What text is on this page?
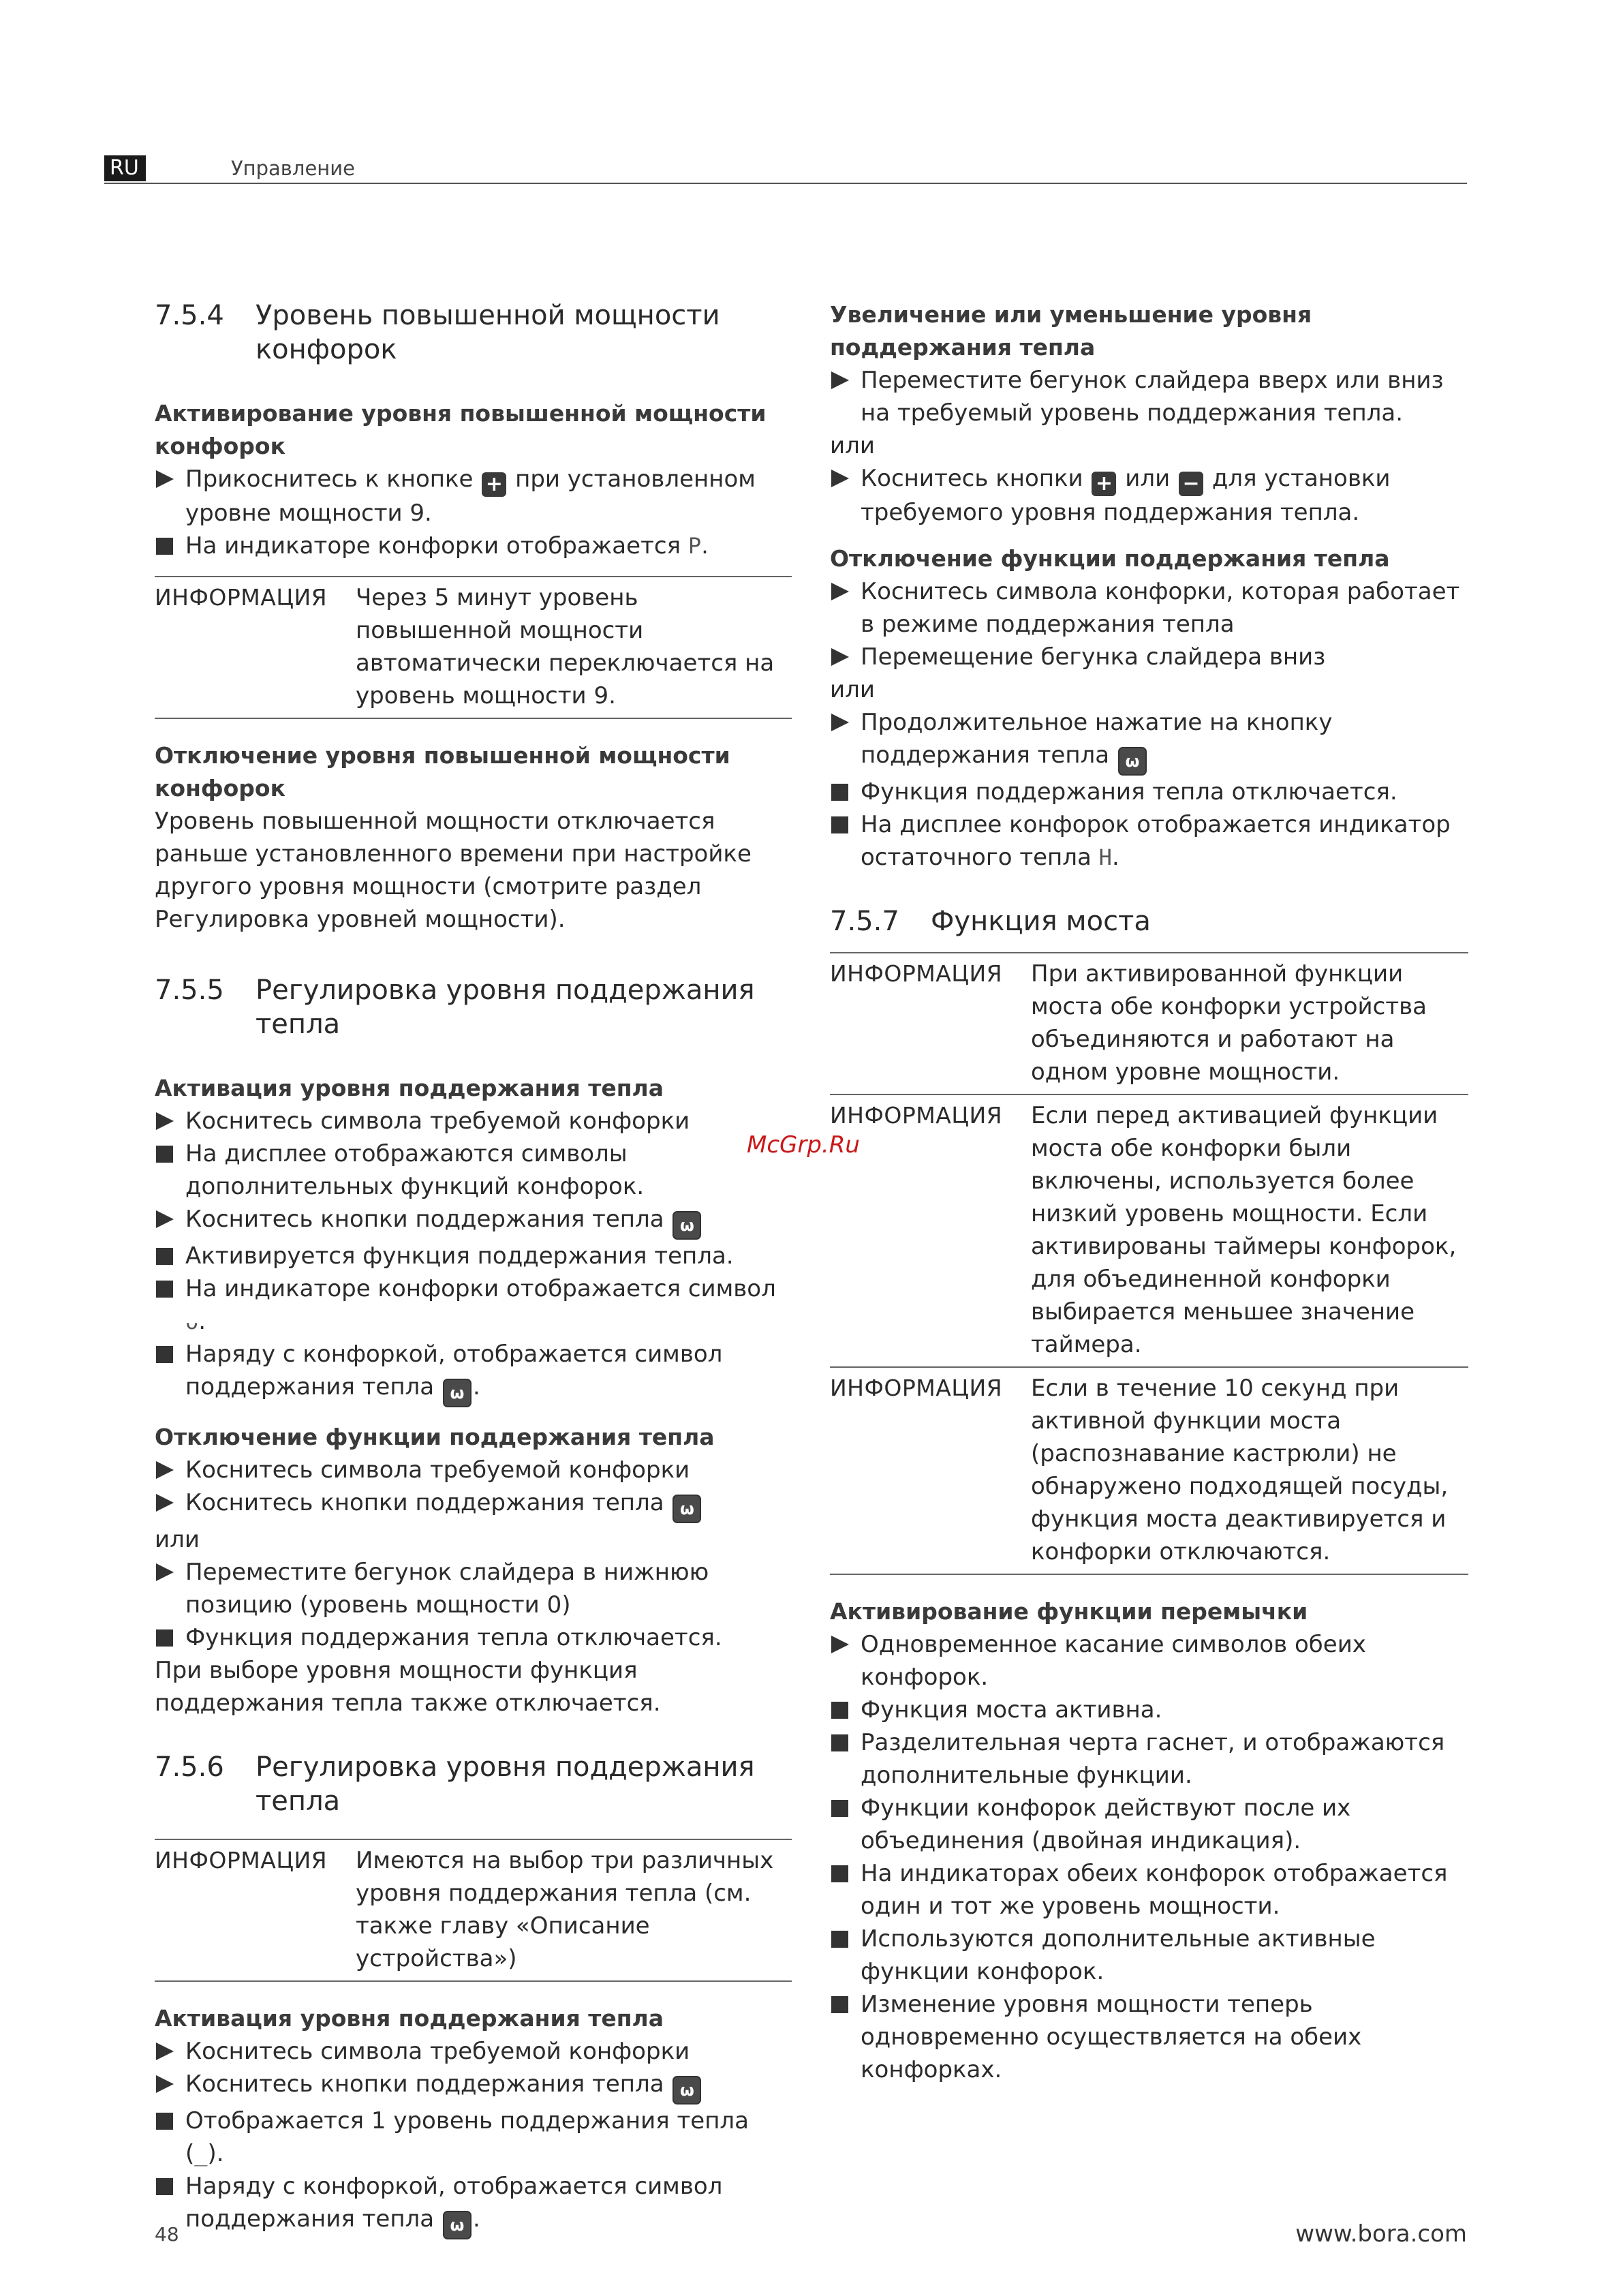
RU	Управление
7.5.4	Уровень повышенной мощности конфорок
Активирование уровня повышенной мощности конфорок
Прикоснитесь к кнопке + при установленном уровне мощности 9.
На индикаторе конфорки отображается P.
ИНФОРМАЦИЯ	Через 5 минут уровень повышенной мощности автоматически переключается на уровень мощности 9.
Отключение уровня повышенной мощности конфорок

Уровень повышенной мощности отключается раньше установленного времени при настройке другого уровня мощности (смотрите раздел Регулировка уровней мощности).

7.5.5	Регулировка уровня поддержания тепла
Активация уровня поддержания тепла
Коснитесь символа требуемой конфорки
На дисплее отображаются символы дополнительных функций конфорок.
Коснитесь кнопки поддержания тепла ω
Активируется функция поддержания тепла.
На индикаторе конфорки отображается символ ᴗ.
Наряду с конфоркой, отображается символ поддержания тепла ω .
Отключение функции поддержания тепла
Коснитесь символа требуемой конфорки
Коснитесь кнопки поддержания тепла ω

или

Переместите бегунок слайдера в нижнюю позицию (уровень мощности 0)
Функция поддержания тепла отключается.

При выборе уровня мощности функция поддержания тепла также отключается.

7.5.6	Регулировка уровня поддержания тепла
ИНФОРМАЦИЯ	Имеются на выбор три различных уровня поддержания тепла (см. также главу «Описание устройства»)
Активация уровня поддержания тепла
Коснитесь символа требуемой конфорки
Коснитесь кнопки поддержания тепла ω
Отображается 1 уровень поддержания тепла (_).
Наряду с конфоркой, отображается символ поддержания тепла ω .
Увеличение или уменьшение уровня поддержания тепла
Переместите бегунок слайдера вверх или вниз на требуемый уровень поддержания тепла.

или

Коснитесь кнопки + или − для установки требуемого уровня поддержания тепла.
Отключение функции поддержания тепла
Коснитесь символа конфорки, которая работает в режиме поддержания тепла
Перемещение бегунка слайдера вниз

или

Продолжительное нажатие на кнопку поддержания тепла ω
Функция поддержания тепла отключается.
На дисплее конфорок отображается индикатор остаточного тепла H.
7.5.7	Функция моста
ИНФОРМАЦИЯ	При активированной функции моста обе конфорки устройства объединяются и работают на одном уровне мощности.
ИНФОРМАЦИЯ	Если перед активацией функции моста обе конфорки были включены, используется более низкий уровень мощности. Если активированы таймеры конфорок, для объединенной конфорки выбирается меньшее значение таймера.
ИНФОРМАЦИЯ	Если в течение 10 секунд при активной функции моста (распознавание кастрюли) не обнаружено подходящей посуды, функция моста деактивируется и конфорки отключаются.
Активирование функции перемычки
Одновременное касание символов обеих конфорок.
Функция моста активна.
Разделительная черта гаснет, и отображаются дополнительные функции.
Функции конфорок действуют после их объединения (двойная индикация).
На индикаторах обеих конфорок отображается один и тот же уровень мощности.
Используются дополнительные активные функции конфорок.
Изменение уровня мощности теперь одновременно осуществляется на обеих конфорках.
McGrp.Ru
48	www.bora.com
